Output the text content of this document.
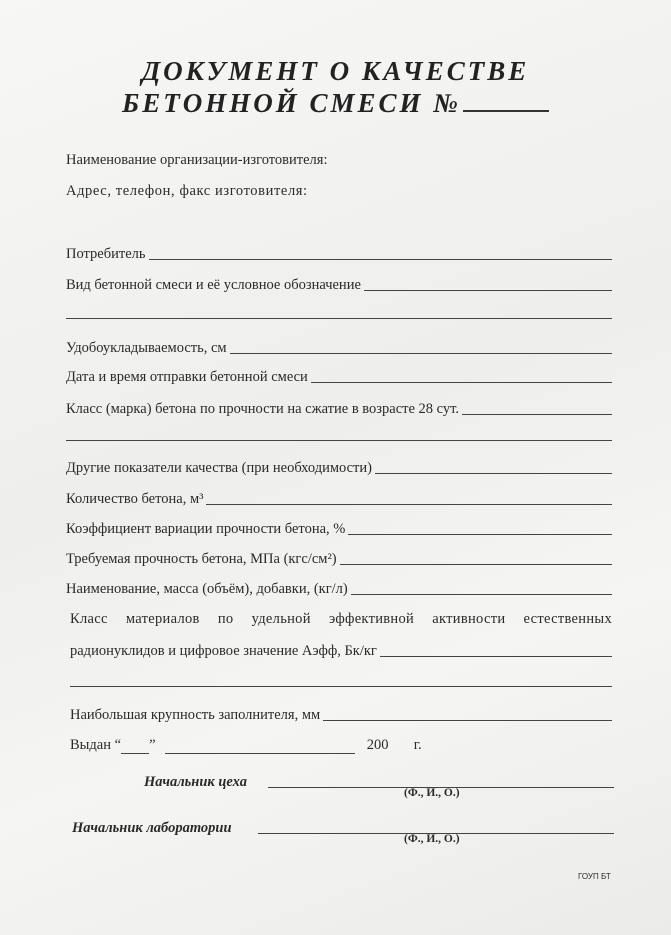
ДОКУМЕНТ О КАЧЕСТВЕ
БЕТОННОЙ СМЕСИ №
Наименование организации-изготовителя:
Адрес, телефон, факс изготовителя:
Потребитель
Вид бетонной смеси и её условное обозначение
Удобоукладываемость, см
Дата и время отправки бетонной смеси
Класс (марка) бетона по прочности на сжатие в возрасте 28 сут.
Другие показатели качества (при необходимости)
Количество бетона, м³
Коэффициент вариации прочности бетона, %
Требуемая прочность бетона, МПа (кгс/см²)
Наименование, масса (объём), добавки, (кг/л)
Класс материалов по удельной эффективной активности естественных
радионуклидов и цифровое значение Аэфф, Бк/кг
Наибольшая крупность заполнителя, мм
Выдан “ ”	200 г.
Начальник цеха
(Ф., И., О.)
Начальник лаборатории
(Ф., И., О.)
ГОУП БТ
